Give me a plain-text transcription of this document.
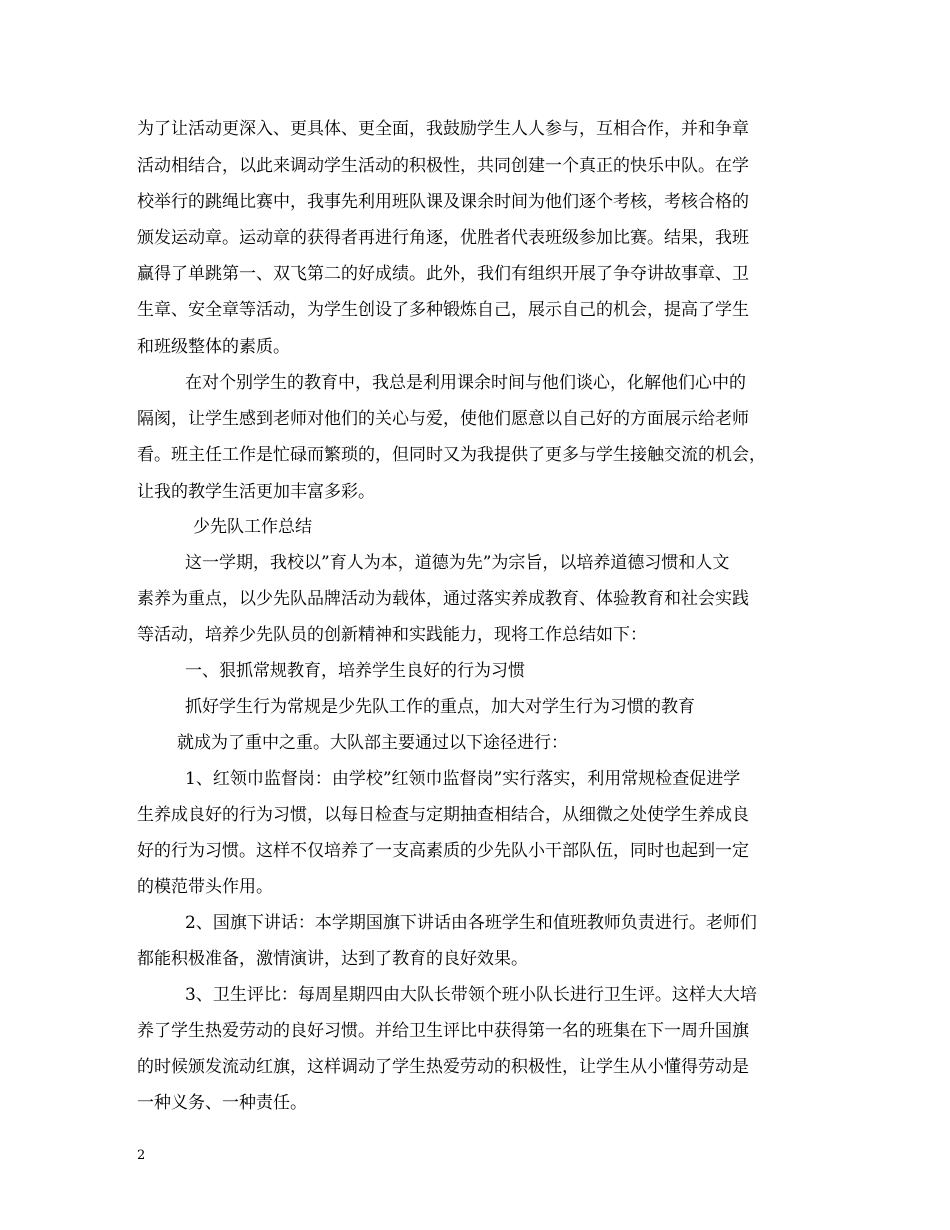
为了让活动更深入、更具体、更全面，我鼓励学生人人参与，互相合作，并和争章
活动相结合，以此来调动学生活动的积极性，共同创建一个真正的快乐中队。在学
校举行的跳绳比赛中，我事先利用班队课及课余时间为他们逐个考核，考核合格的
颁发运动章。运动章的获得者再进行角逐，优胜者代表班级参加比赛。结果，我班
赢得了单跳第一、双飞第二的好成绩。此外，我们有组织开展了争夺讲故事章、卫
生章、安全章等活动，为学生创设了多种锻炼自己，展示自己的机会，提高了学生
和班级整体的素质。
在对个别学生的教育中，我总是利用课余时间与他们谈心，化解他们心中的
隔阂，让学生感到老师对他们的关心与爱，使他们愿意以自己好的方面展示给老师
看。班主任工作是忙碌而繁琐的，但同时又为我提供了更多与学生接触交流的机会，
让我的教学生活更加丰富多彩。
少先队工作总结
这一学期，我校以”育人为本，道德为先”为宗旨，以培养道德习惯和人文
素养为重点，以少先队品牌活动为载体，通过落实养成教育、体验教育和社会实践
等活动，培养少先队员的创新精神和实践能力，现将工作总结如下：
一、狠抓常规教育，培养学生良好的行为习惯
抓好学生行为常规是少先队工作的重点，加大对学生行为习惯的教育
就成为了重中之重。大队部主要通过以下途径进行：
1、红领巾监督岗：由学校”红领巾监督岗”实行落实，利用常规检查促进学
生养成良好的行为习惯，以每日检查与定期抽查相结合，从细微之处使学生养成良
好的行为习惯。这样不仅培养了一支高素质的少先队小干部队伍，同时也起到一定
的模范带头作用。
2、国旗下讲话：本学期国旗下讲话由各班学生和值班教师负责进行。老师们
都能积极准备，激情演讲，达到了教育的良好效果。
3、卫生评比：每周星期四由大队长带领个班小队长进行卫生评。这样大大培
养了学生热爱劳动的良好习惯。并给卫生评比中获得第一名的班集在下一周升国旗
的时候颁发流动红旗，这样调动了学生热爱劳动的积极性，让学生从小懂得劳动是
一种义务、一种责任。
2
